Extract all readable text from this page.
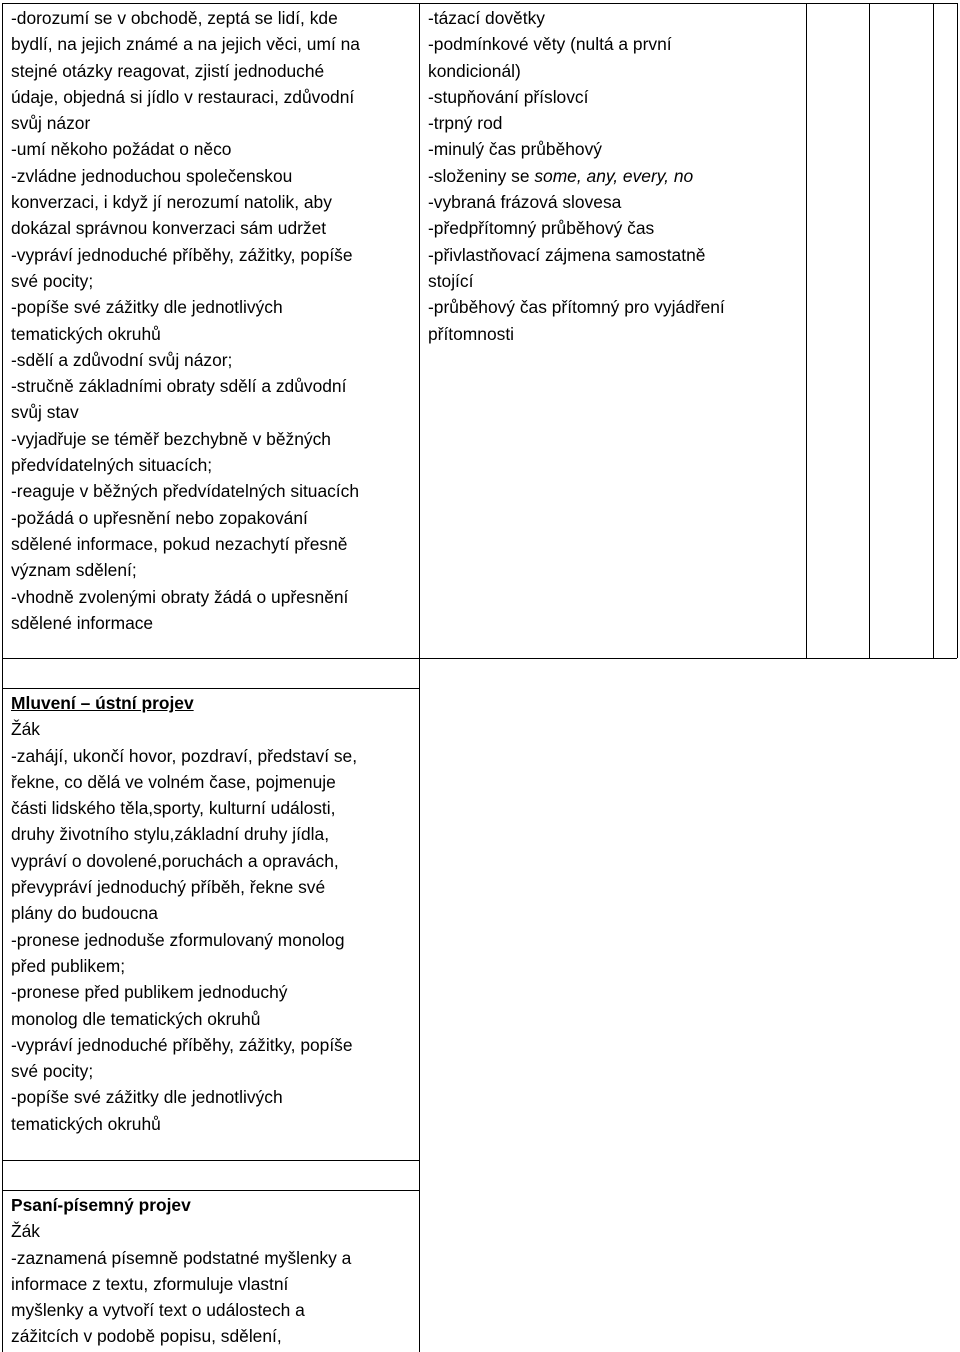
-dorozumí se v obchodě, zeptá se lidí, kde
bydlí, na jejich známé a na jejich věci, umí na
stejné otázky reagovat, zjistí jednoduché
údaje, objedná si jídlo v restauraci, zdůvodní
svůj názor
-umí někoho požádat o něco
-zvládne jednoduchou společenskou
konverzaci, i když jí nerozumí natolik, aby
dokázal správnou konverzaci sám udržet
-vypráví jednoduché příběhy, zážitky, popíše
své pocity;
-popíše své zážitky dle jednotlivých
tematických okruhů
-sdělí a zdůvodní svůj názor;
-stručně základními obraty sdělí a zdůvodní
svůj stav
-vyjadřuje se téměř bezchybně v běžných
předvídatelných situacích;
-reaguje v běžných předvídatelných situacích
-požádá o upřesnění nebo zopakování
sdělené informace, pokud nezachytí přesně
význam sdělení;
-vhodně zvolenými obraty žádá o upřesnění
sdělené informace
-tázací dovětky
-podmínkové věty (nultá a první
kondicionál)
-stupňování příslovcí
-trpný rod
-minulý čas průběhový
-složeniny se some, any, every, no
-vybraná frázová slovesa
-předpřítomný průběhový čas
-přivlastňovací zájmena samostatně
stojící
-průběhový čas přítomný pro vyjádření
přítomnosti
Mluvení – ústní projev
Žák
-zahájí, ukončí hovor, pozdraví, představí se,
řekne, co dělá ve volném čase, pojmenuje
části lidského těla,sporty, kulturní události,
druhy životního stylu,základní druhy jídla,
vypráví o dovolené,poruchách a opravách,
převypráví jednoduchý příběh, řekne své
plány do budoucna
-pronese jednoduše zformulovaný monolog
před publikem;
-pronese před publikem jednoduchý
monolog dle tematických okruhů
-vypráví jednoduché příběhy, zážitky, popíše
své pocity;
-popíše své zážitky dle jednotlivých
tematických okruhů
Psaní-písemný projev
Žák
-zaznamená písemně podstatné myšlenky a
informace z textu, zformuluje vlastní
myšlenky a vytvoří text o událostech a
zážitcích v podobě popisu, sdělení,
